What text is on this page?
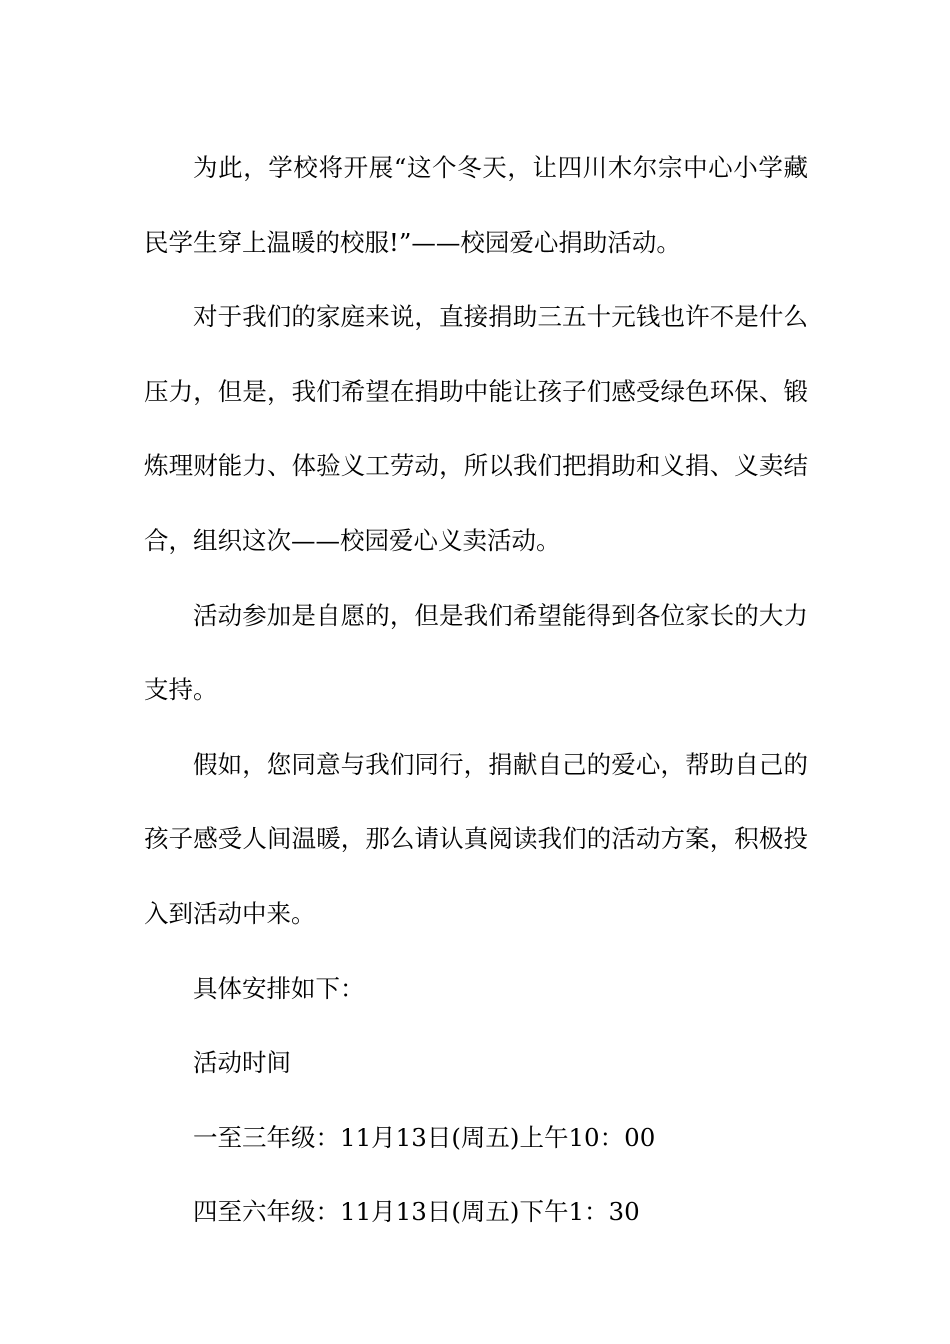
为此，学校将开展“这个冬天，让四川木尔宗中心小学藏民学生穿上温暖的校服!”——校园爱心捐助活动。

对于我们的家庭来说，直接捐助三五十元钱也许不是什么压力，但是，我们希望在捐助中能让孩子们感受绿色环保、锻炼理财能力、体验义工劳动，所以我们把捐助和义捐、义卖结合，组织这次——校园爱心义卖活动。

活动参加是自愿的，但是我们希望能得到各位家长的大力支持。

假如，您同意与我们同行，捐献自己的爱心，帮助自己的孩子感受人间温暖，那么请认真阅读我们的活动方案，积极投入到活动中来。

具体安排如下：

活动时间

一至三年级：11月13日(周五)上午10：00

四至六年级：11月13日(周五)下午1：30
